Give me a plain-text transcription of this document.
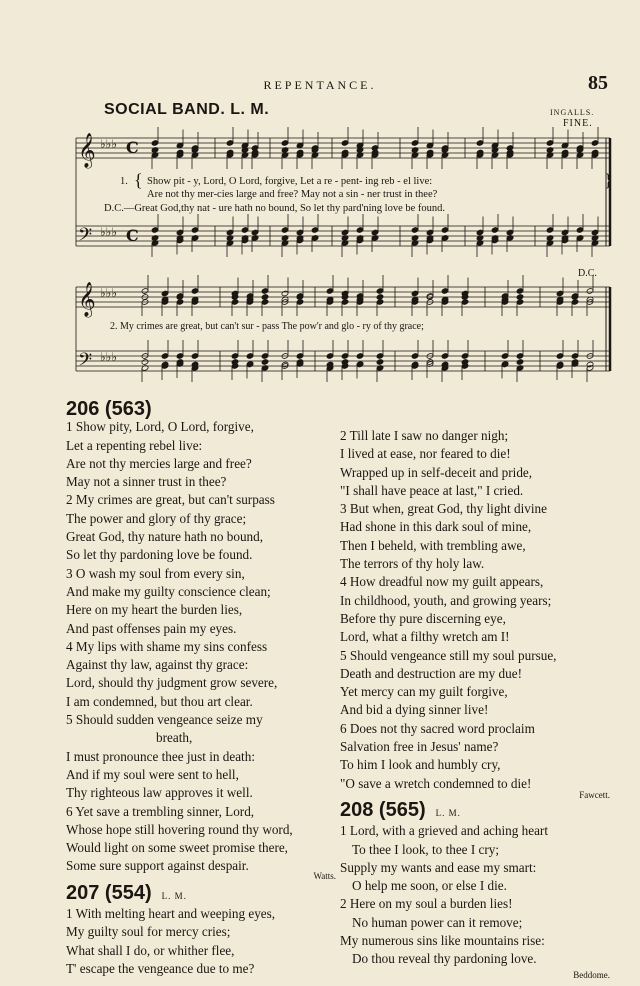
REPENTANCE.	85
SOCIAL BAND. L. M.	INGALLS.
FINE.
D.C.
𝄞
𝄢
𝄞
𝄢
♭♭♭
♭♭♭
♭♭♭
♭♭♭
C
C
1. { Show pit - y, Lord, O Lord, forgive, Let a re - pent- ing reb - el live:
Are not thy mer-cies large and free? May not a sin - ner trust in thee?
}
D.C.—Great God,thy nat - ure hath no bound, So let thy pard'ning love be found.
2. My crimes are great, but can't sur - pass The pow'r and glo - ry of thy grace;
206 (563)
1 Show pity, Lord, O Lord, forgive,
Let a repenting rebel live:
Are not thy mercies large and free?
May not a sinner trust in thee?
2 My crimes are great, but can't surpass
The power and glory of thy grace;
Great God, thy nature hath no bound,
So let thy pardoning love be found.
3 O wash my soul from every sin,
And make my guilty conscience clean;
Here on my heart the burden lies,
And past offenses pain my eyes.
4 My lips with shame my sins confess
Against thy law, against thy grace:
Lord, should thy judgment grow severe,
I am condemned, but thou art clear.
5 Should sudden vengeance seize my
breath,
I must pronounce thee just in death:
And if my soul were sent to hell,
Thy righteous law approves it well.
6 Yet save a trembling sinner, Lord,
Whose hope still hovering round thy word,
Would light on some sweet promise there,
Some sure support against despair.
Watts.
207 (554) L. M.
1 With melting heart and weeping eyes,
My guilty soul for mercy cries;
What shall I do, or whither flee,
T' escape the vengeance due to me?
2 Till late I saw no danger nigh;
I lived at ease, nor feared to die!
Wrapped up in self-deceit and pride,
"I shall have peace at last," I cried.
3 But when, great God, thy light divine
Had shone in this dark soul of mine,
Then I beheld, with trembling awe,
The terrors of thy holy law.
4 How dreadful now my guilt appears,
In childhood, youth, and growing years;
Before thy pure discerning eye,
Lord, what a filthy wretch am I!
5 Should vengeance still my soul pursue,
Death and destruction are my due!
Yet mercy can my guilt forgive,
And bid a dying sinner live!
6 Does not thy sacred word proclaim
Salvation free in Jesus' name?
To him I look and humbly cry,
"O save a wretch condemned to die!
Fawcett.
208 (565) L. M.
1 Lord, with a grieved and aching heart
To thee I look, to thee I cry;
Supply my wants and ease my smart:
O help me soon, or else I die.
2 Here on my soul a burden lies!
No human power can it remove;
My numerous sins like mountains rise:
Do thou reveal thy pardoning love.
Beddome.
